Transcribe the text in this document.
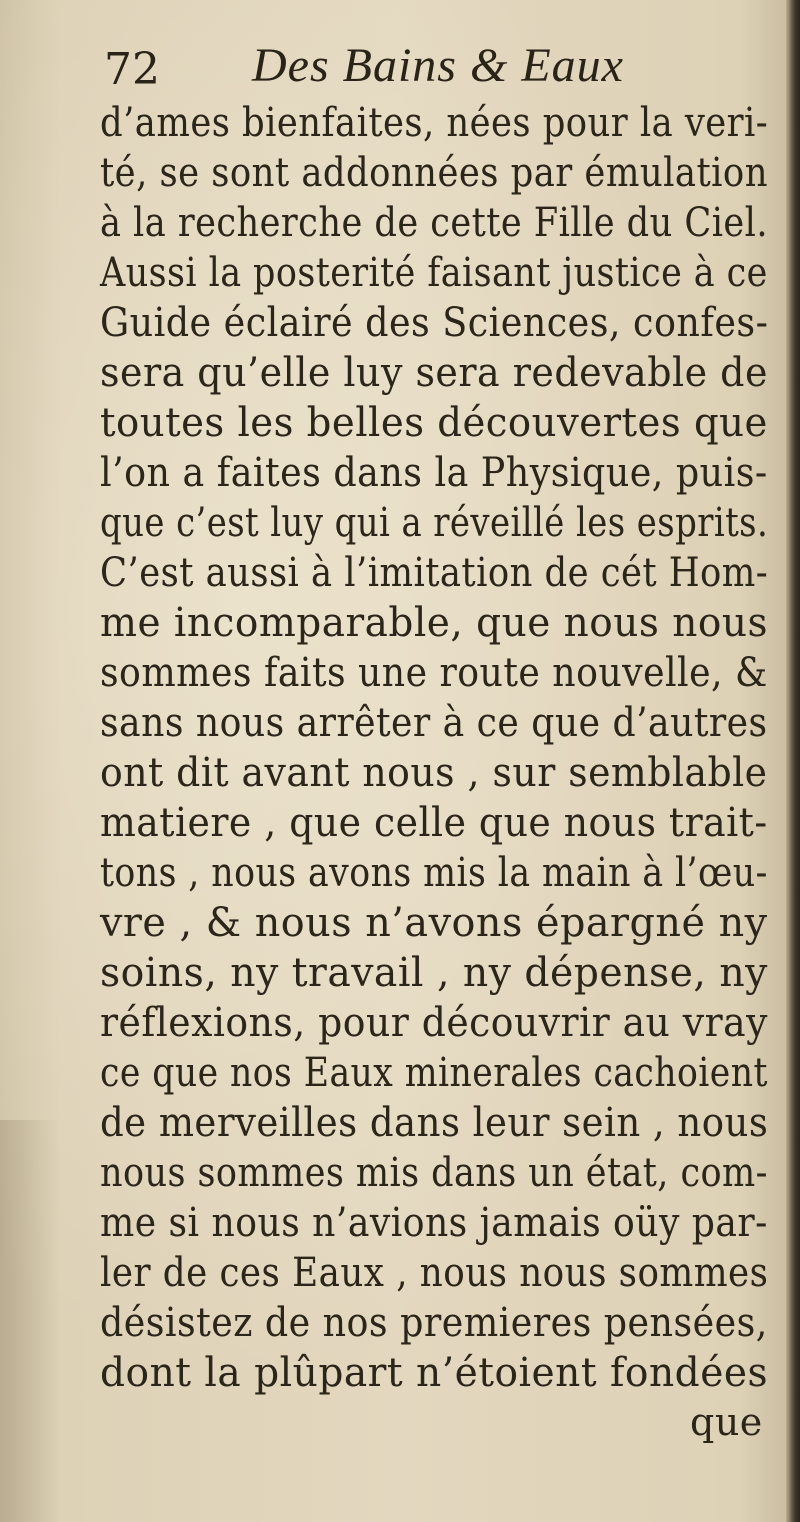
72 Des Bains & Eaux
d’ames bienfaites, nées pour la veri-
té, se sont addonnées par émulation
à la recherche de cette Fille du Ciel.
Aussi la posterité faisant justice à ce
Guide éclairé des Sciences, confes-
sera qu’elle luy sera redevable de
toutes les belles découvertes que
l’on a faites dans la Physique, puis-
que c’est luy qui a réveillé les esprits.
C’est aussi à l’imitation de cét Hom-
me incomparable, que nous nous
sommes faits une route nouvelle, &
sans nous arrêter à ce que d’autres
ont dit avant nous , sur semblable
matiere , que celle que nous trait-
tons , nous avons mis la main à l’œu-
vre , & nous n’avons épargné ny
soins, ny travail , ny dépense, ny
réflexions, pour découvrir au vray
ce que nos Eaux minerales cachoient
de merveilles dans leur sein , nous
nous sommes mis dans un état, com-
me si nous n’avions jamais oüy par-
ler de ces Eaux , nous nous sommes
désistez de nos premieres pensées,
dont la plûpart n’étoient fondées
que
